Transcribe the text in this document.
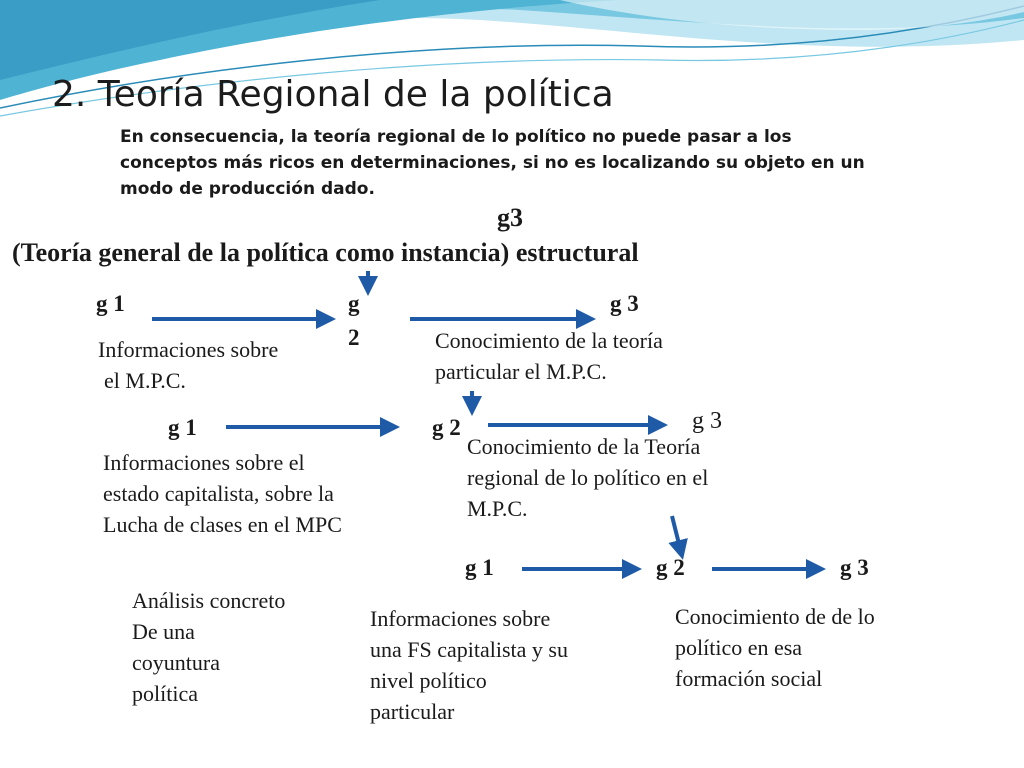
2. Teoría Regional de la política
En consecuencia, la teoría regional de lo político no puede pasar a los conceptos más ricos en determinaciones, si no es localizando su objeto en un modo de producción dado.
g3
(Teoría general de la política como instancia) estructural
g 1	g
2
g 3
Informaciones sobre
el M.P.C.
Conocimiento de la teoría
particular el M.P.C.
g 1	g 2	g 3
Informaciones sobre el
estado capitalista, sobre la
Lucha de clases en el MPC
Conocimiento de la Teoría
regional de lo político en el
M.P.C.
g 1	g 2	g 3
Análisis concreto
De una
coyuntura
política
Informaciones sobre
una FS capitalista y su
nivel político
particular
Conocimiento de de lo
político en esa
formación social
